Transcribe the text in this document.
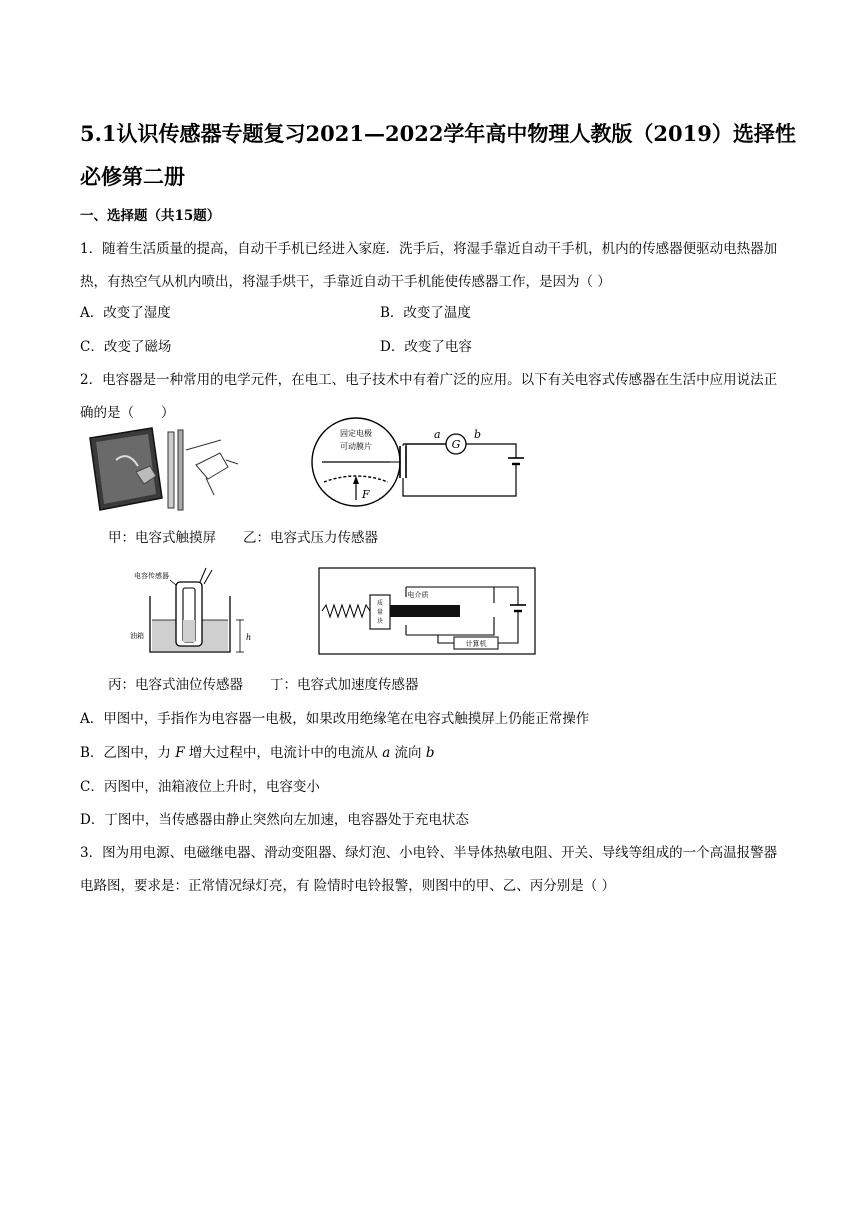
5.1认识传感器专题复习2021—2022学年高中物理人教版（2019）选择性必修第二册
一、选择题（共15题）
1．随着生活质量的提高，自动干手机已经进入家庭．洗手后，将湿手靠近自动干手机，机内的传感器便驱动电热器加热，有热空气从机内喷出，将湿手烘干，手靠近自动干手机能使传感器工作，是因为（ ）
A．改变了湿度	B．改变了温度
C．改变了磁场	D．改变了电容
2．电容器是一种常用的电学元件，在电工、电子技术中有着广泛的应用。以下有关电容式传感器在生活中应用说法正确的是（　　）
固定电极
可动膜片
F
G
a	b
甲：电容式触摸屏　　乙：电容式压力传感器
电容传感器
油箱	h
质
量
块
电介质
计算机
丙：电容式油位传感器　　丁：电容式加速度传感器
A．甲图中，手指作为电容器一电极，如果改用绝缘笔在电容式触摸屏上仍能正常操作
B．乙图中，力 F 增大过程中，电流计中的电流从 a 流向 b
C．丙图中，油箱液位上升时，电容变小
D．丁图中，当传感器由静止突然向左加速，电容器处于充电状态
3．图为用电源、电磁继电器、滑动变阻器、绿灯泡、小电铃、半导体热敏电阻、开关、导线等组成的一个高温报警器电路图，要求是：正常情况绿灯亮，有 险情时电铃报警，则图中的甲、乙、丙分别是（ ）
